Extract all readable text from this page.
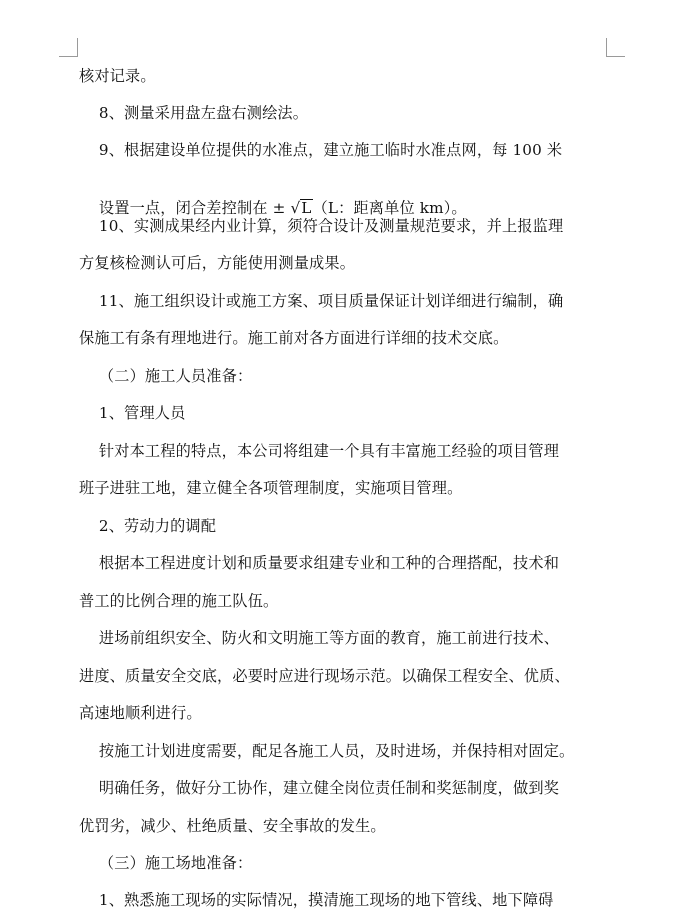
核对记录。
8、测量采用盘左盘右测绘法。
9、根据建设单位提供的水准点，建立施工临时水准点网，每 100 米

设置一点，闭合差控制在 ± √L（L：距离单位 km）。

10、实测成果经内业计算，须符合设计及测量规范要求，并上报监理
方复核检测认可后，方能使用测量成果。
11、施工组织设计或施工方案、项目质量保证计划详细进行编制，确
保施工有条有理地进行。施工前对各方面进行详细的技术交底。
（二）施工人员准备：
1、管理人员
针对本工程的特点，本公司将组建一个具有丰富施工经验的项目管理
班子进驻工地，建立健全各项管理制度，实施项目管理。
2、劳动力的调配
根据本工程进度计划和质量要求组建专业和工种的合理搭配，技术和
普工的比例合理的施工队伍。
进场前组织安全、防火和文明施工等方面的教育，施工前进行技术、
进度、质量安全交底，必要时应进行现场示范。以确保工程安全、优质、
高速地顺利进行。
按施工计划进度需要，配足各施工人员，及时进场，并保持相对固定。
明确任务，做好分工协作，建立健全岗位责任制和奖惩制度，做到奖
优罚劣，减少、杜绝质量、安全事故的发生。
（三）施工场地准备：
1、熟悉施工现场的实际情况，摸清施工现场的地下管线、地下障碍
